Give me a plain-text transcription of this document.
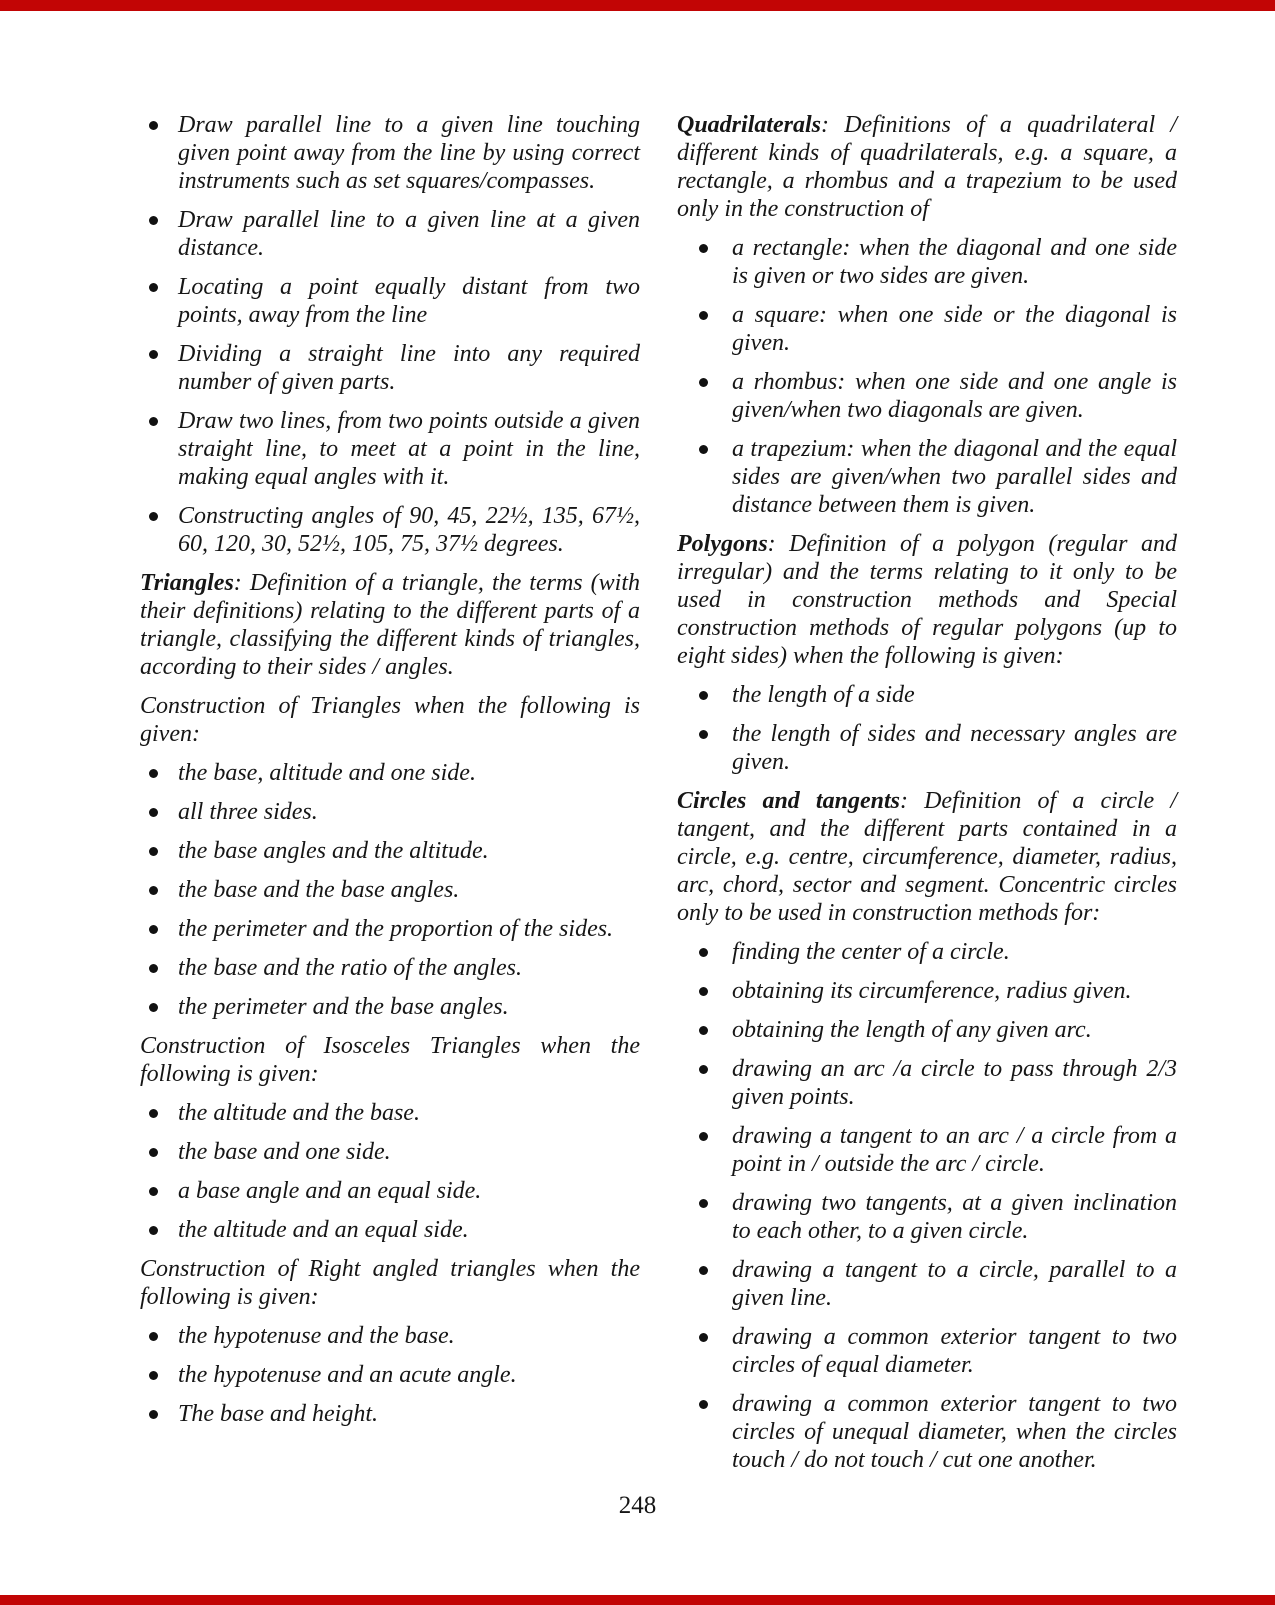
Draw parallel line to a given line touching given point away from the line by using correct instruments such as set squares/compasses.
Draw parallel line to a given line at a given distance.
Locating a point equally distant from two points, away from the line
Dividing a straight line into any required number of given parts.
Draw two lines, from two points outside a given straight line, to meet at a point in the line, making equal angles with it.
Constructing angles of 90, 45, 22½, 135, 67½, 60, 120, 30, 52½, 105, 75, 37½ degrees.
Triangles: Definition of a triangle, the terms (with their definitions) relating to the different parts of a triangle, classifying the different kinds of triangles, according to their sides / angles.
Construction of Triangles when the following is given:
the base, altitude and one side.
all three sides.
the base angles and the altitude.
the base and the base angles.
the perimeter and the proportion of the sides.
the base and the ratio of the angles.
the perimeter and the base angles.
Construction of Isosceles Triangles when the following is given:
the altitude and the base.
the base and one side.
a base angle and an equal side.
the altitude and an equal side.
Construction of Right angled triangles when the following is given:
the hypotenuse and the base.
the hypotenuse and an acute angle.
The base and height.
Quadrilaterals: Definitions of a quadrilateral / different kinds of quadrilaterals, e.g. a square, a rectangle, a rhombus and a trapezium to be used only in the construction of
a rectangle: when the diagonal and one side is given or two sides are given.
a square: when one side or the diagonal is given.
a rhombus: when one side and one angle is given/when two diagonals are given.
a trapezium: when the diagonal and the equal sides are given/when two parallel sides and distance between them is given.
Polygons: Definition of a polygon (regular and irregular) and the terms relating to it only to be used in construction methods and Special construction methods of regular polygons (up to eight sides) when the following is given:
the length of a side
the length of sides and necessary angles are given.
Circles and tangents: Definition of a circle / tangent, and the different parts contained in a circle, e.g. centre, circumference, diameter, radius, arc, chord, sector and segment. Concentric circles only to be used in construction methods for:
finding the center of a circle.
obtaining its circumference, radius given.
obtaining the length of any given arc.
drawing an arc /a circle to pass through 2/3 given points.
drawing a tangent to an arc / a circle from a point in / outside the arc / circle.
drawing two tangents, at a given inclination to each other, to a given circle.
drawing a tangent to a circle, parallel to a given line.
drawing a common exterior tangent to two circles of equal diameter.
drawing a common exterior tangent to two circles of unequal diameter, when the circles touch / do not touch / cut one another.
248
